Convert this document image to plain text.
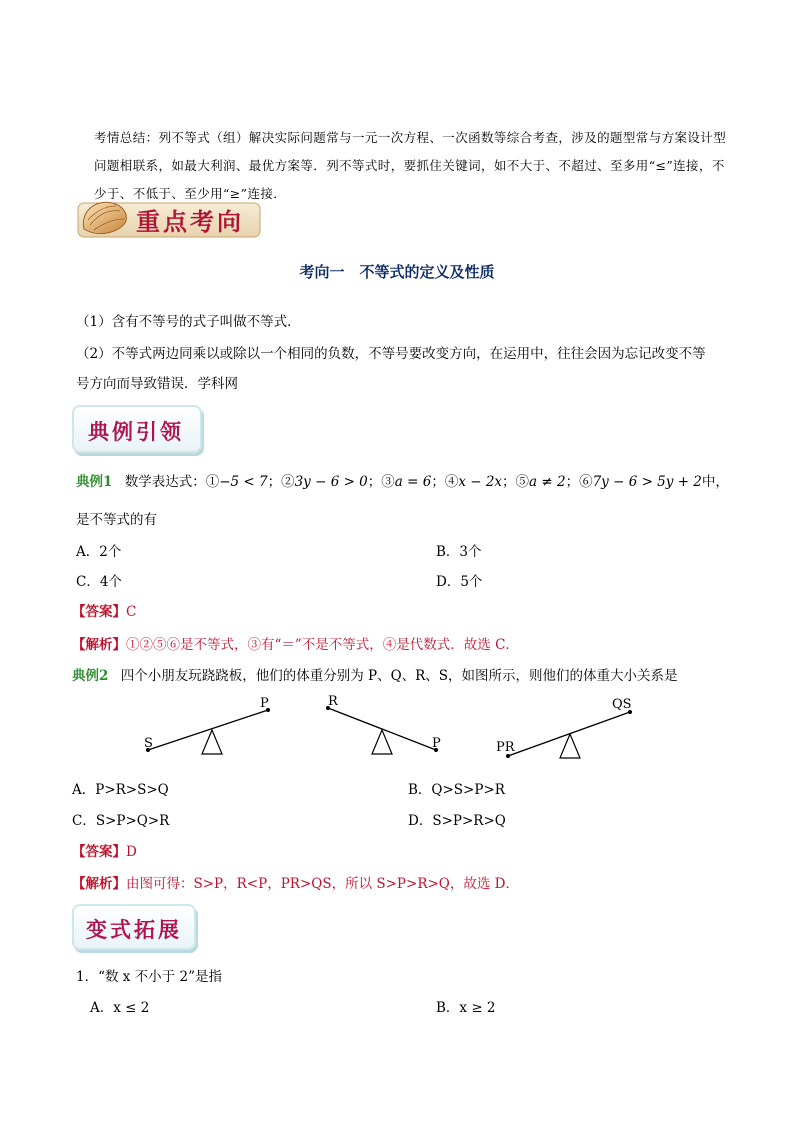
考情总结：列不等式（组）解决实际问题常与一元一次方程、一次函数等综合考查，涉及的题型常与方案设计型问题相联系，如最大利润、最优方案等．列不等式时，要抓住关键词，如不大于、不超过、至多用“≤”连接，不少于、不低于、至少用“≥”连接．
重点考向
考向一　不等式的定义及性质
（1）含有不等号的式子叫做不等式．
（2）不等式两边同乘以或除以一个相同的负数，不等号要改变方向，在运用中，往往会因为忘记改变不等
号方向而导致错误．学科网
典例引领
典例1 数学表达式：①−5 < 7；②3y − 6 > 0；③a = 6；④x − 2x；⑤a ≠ 2；⑥7y − 6 > 5y + 2中，
是不等式的有
A．2个	B．3个
C．4个	D．5个
【答案】C
【解析】①②⑤⑥是不等式，③有“＝”不是不等式，④是代数式．故选 C．
典例2 四个小朋友玩跷跷板，他们的体重分别为 P、Q、R、S，如图所示，则他们的体重大小关系是
S
P	R
P	PR
QS
A．P>R>S>Q	B．Q>S>P>R
C．S>P>Q>R	D．S>P>R>Q
【答案】D
【解析】由图可得：S>P，R<P，PR>QS，所以 S>P>R>Q，故选 D．
变式拓展
1．“数 x 不小于 2”是指
A．x ≤ 2	B．x ≥ 2
